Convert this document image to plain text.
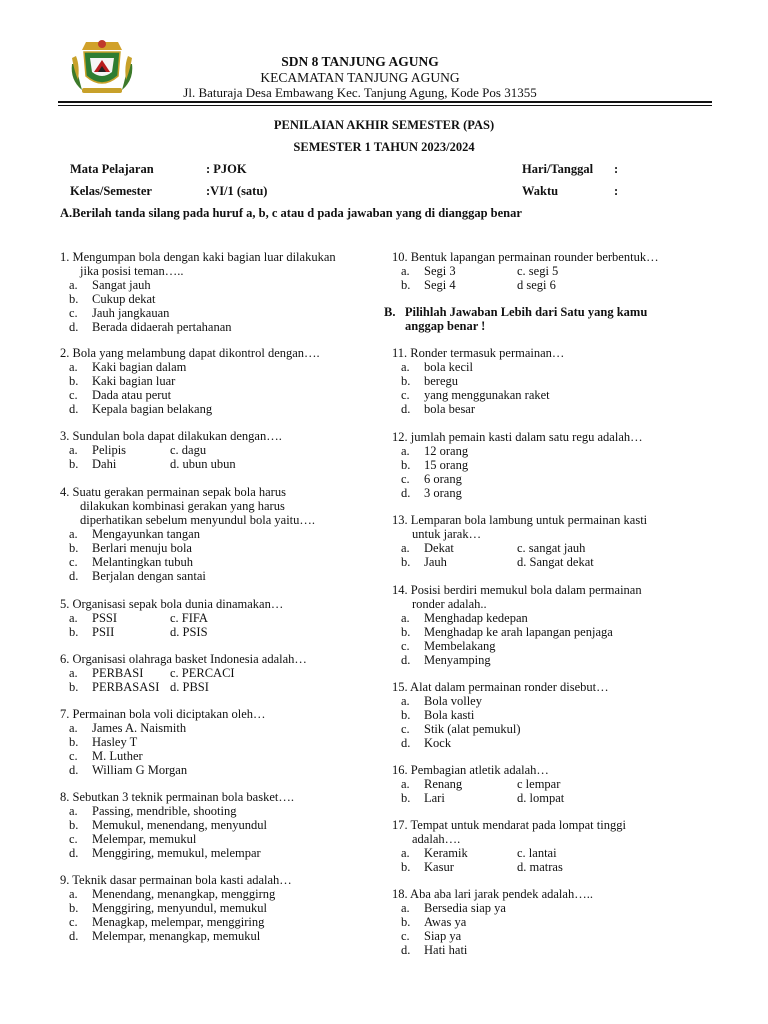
SDN 8 TANJUNG AGUNG
KECAMATAN TANJUNG AGUNG
Jl. Baturaja Desa Embawang Kec. Tanjung Agung, Kode Pos 31355
PENILAIAN AKHIR SEMESTER (PAS)
SEMESTER 1 TAHUN 2023/2024
Mata Pelajaran	: PJOK	Hari/Tanggal :
Kelas/Semester	:VI/1 (satu)	Waktu	:
A.Berilah tanda silang pada huruf a, b, c atau d pada jawaban yang di dianggap benar
1. Mengumpan bola dengan kaki bagian luar dilakukan
jika posisi teman…..
a.	Sangat jauh
b.	Cukup dekat
c.	Jauh jangkauan
d.	Berada didaerah pertahanan
2. Bola yang melambung dapat dikontrol dengan….
a.	Kaki bagian dalam
b.	Kaki bagian luar
c.	Dada atau perut
d.	Kepala bagian belakang
3. Sundulan bola dapat dilakukan dengan….
a.	Pelipis	c. dagu
b.	Dahi	d. ubun ubun
4. Suatu gerakan permainan sepak bola harus
dilakukan kombinasi gerakan yang harus
diperhatikan sebelum menyundul bola yaitu….
a.	Mengayunkan tangan
b.	Berlari menuju bola
c.	Melantingkan tubuh
d.	Berjalan dengan santai
5. Organisasi sepak bola dunia dinamakan…
a.	PSSI	c. FIFA
b.	PSII	d. PSIS
6. Organisasi olahraga basket Indonesia adalah…
a.	PERBASI c. PERCACI
b.	PERBASASI d. PBSI
7. Permainan bola voli diciptakan oleh…
a.	James A. Naismith
b.	Hasley T
c.	M. Luther
d.	William G Morgan
8. Sebutkan 3 teknik permainan bola basket….
a.	Passing, mendrible, shooting
b.	Memukul, menendang, menyundul
c.	Melempar, memukul
d.	Menggiring, memukul, melempar
9. Teknik dasar permainan bola kasti adalah…
a.	Menendang, menangkap, menggirng
b.	Menggiring, menyundul, memukul
c.	Menagkap, melempar, menggiring
d.	Melempar, menangkap, memukul
10. Bentuk lapangan permainan rounder berbentuk…
a.	Segi 3	c. segi 5
b.	Segi 4	d segi 6
B.   Pilihlah Jawaban Lebih dari Satu yang kamu
anggap benar !
11. Ronder termasuk permainan…
a.	bola kecil
b.	beregu
c.	yang menggunakan raket
d.	bola besar
12. jumlah pemain kasti dalam satu regu adalah…
a.	12 orang
b.	15 orang
c.	6 orang
d.	3 orang
13. Lemparan bola lambung untuk permainan kasti
untuk jarak…
a.	Dekat	c. sangat jauh
b.	Jauh	d. Sangat dekat
14. Posisi berdiri memukul bola dalam permainan
ronder adalah..
a.	Menghadap kedepan
b.	Menghadap ke arah lapangan penjaga
c.	Membelakang
d.	Menyamping
15. Alat dalam permainan ronder disebut…
a.	Bola volley
b.	Bola kasti
c.	Stik (alat pemukul)
d.	Kock
16. Pembagian atletik adalah…
a.	Renang	c lempar
b.	Lari	d. lompat
17. Tempat untuk mendarat pada lompat tinggi
adalah….
a.	Keramik	c. lantai
b.	Kasur	d. matras
18. Aba aba lari jarak pendek adalah…..
a.	Bersedia siap ya
b.	Awas ya
c.	Siap ya
d.	Hati hati
